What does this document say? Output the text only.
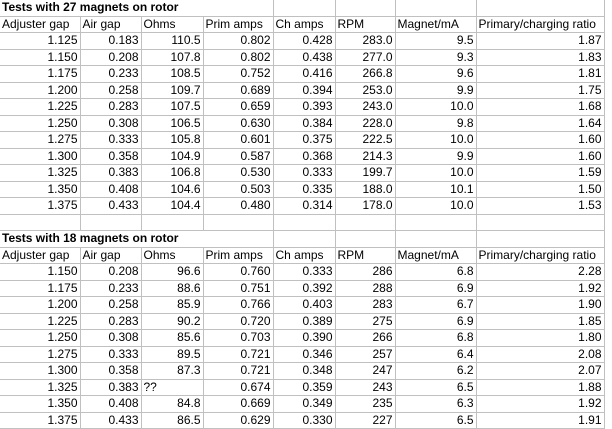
Tests with 27 magnets on rotor							
Adjuster gap	Air gap	Ohms	Prim amps	Ch amps	RPM	Magnet/mA	Primary/charging ratio
1.125	0.183	110.5	0.802	0.428	283.0	9.5	1.87
1.150	0.208	107.8	0.802	0.438	277.0	9.3	1.83
1.175	0.233	108.5	0.752	0.416	266.8	9.6	1.81
1.200	0.258	109.7	0.689	0.394	253.0	9.9	1.75
1.225	0.283	107.5	0.659	0.393	243.0	10.0	1.68
1.250	0.308	106.5	0.630	0.384	228.0	9.8	1.64
1.275	0.333	105.8	0.601	0.375	222.5	10.0	1.60
1.300	0.358	104.9	0.587	0.368	214.3	9.9	1.60
1.325	0.383	106.8	0.530	0.333	199.7	10.0	1.59
1.350	0.408	104.6	0.503	0.335	188.0	10.1	1.50
1.375	0.433	104.4	0.480	0.314	178.0	10.0	1.53

Tests with 18 magnets on rotor							
Adjuster gap	Air gap	Ohms	Prim amps	Ch amps	RPM	Magnet/mA	Primary/charging ratio
1.150	0.208	96.6	0.760	0.333	286	6.8	2.28
1.175	0.233	88.6	0.751	0.392	288	6.9	1.92
1.200	0.258	85.9	0.766	0.403	283	6.7	1.90
1.225	0.283	90.2	0.720	0.389	275	6.9	1.85
1.250	0.308	85.6	0.703	0.390	266	6.8	1.80
1.275	0.333	89.5	0.721	0.346	257	6.4	2.08
1.300	0.358	87.3	0.721	0.348	247	6.2	2.07
1.325	0.383	??	0.674	0.359	243	6.5	1.88
1.350	0.408	84.8	0.669	0.349	235	6.3	1.92
1.375	0.433	86.5	0.629	0.330	227	6.5	1.91
